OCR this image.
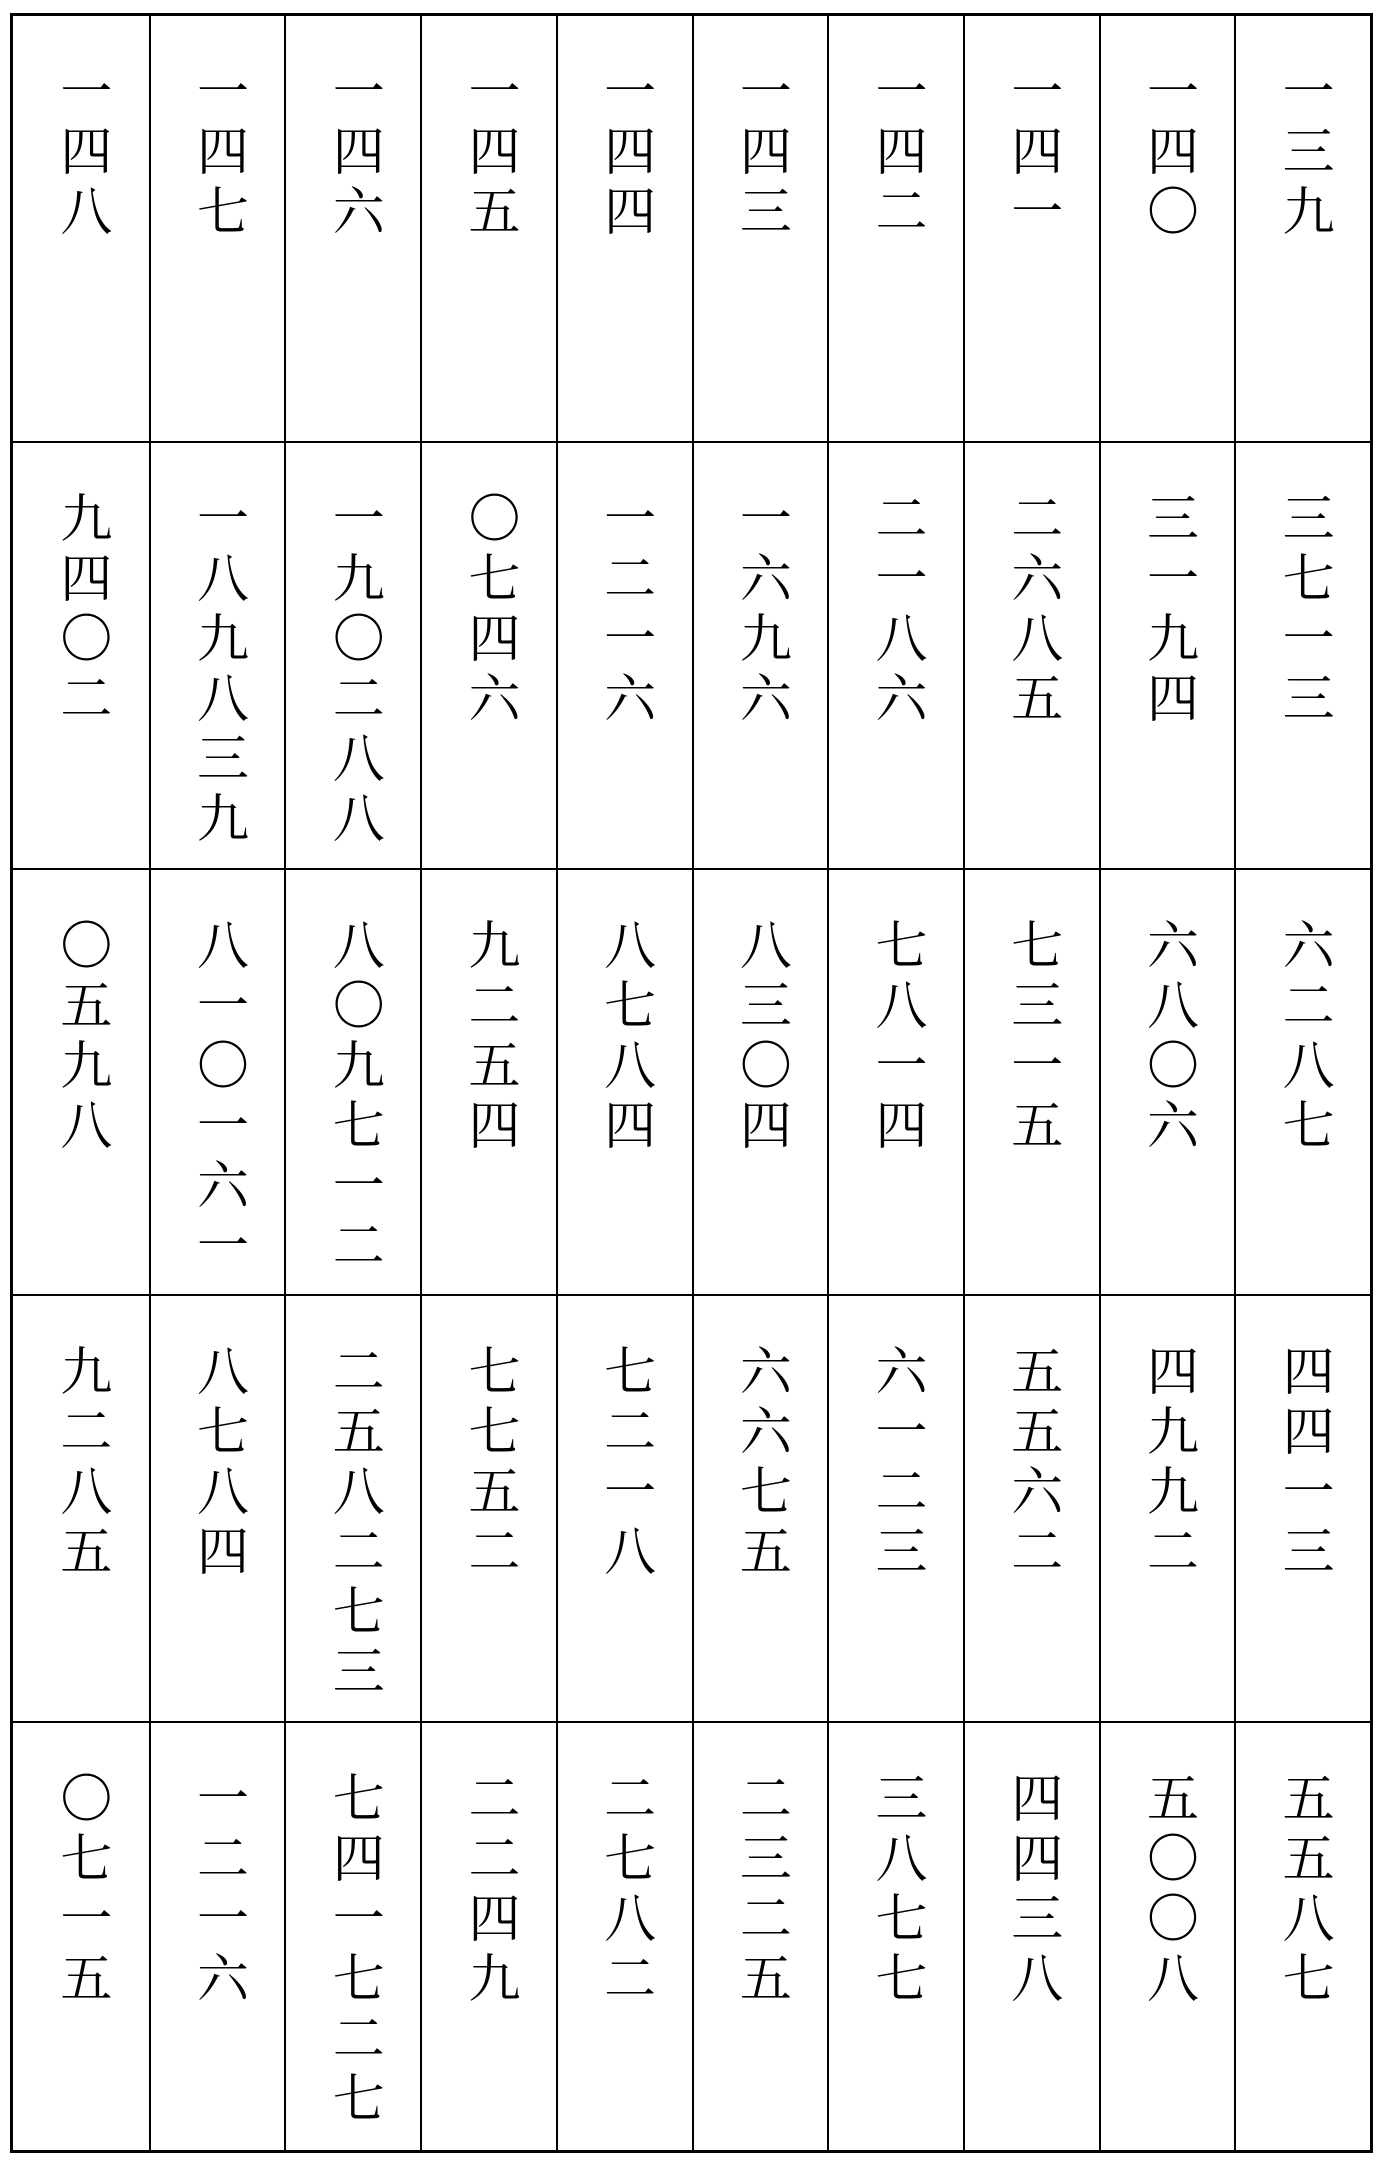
一三九
一四〇
一四一
一四二
一四三
一四四
一四五
一四六
一四七
一四八
三七一三
三一九四
二六八五
二一八六
一六九六
一二一六
〇七四六
一九〇二八八
一八九八三九
九四〇二
六二八七
六八〇六
七三一五
七八一四
八三〇四
八七八四
九二五四
八〇九七一二
八一〇一六一
〇五九八
四四一三
四九九二
五五六二
六一二三
六六七五
七二一八
七七五二
二五八二七三
八七八四
九二八五
五五八七
五〇〇八
四四三八
三八七七
二三二五
二七八二
二二四九
七四一七二七
一二一六
〇七一五
